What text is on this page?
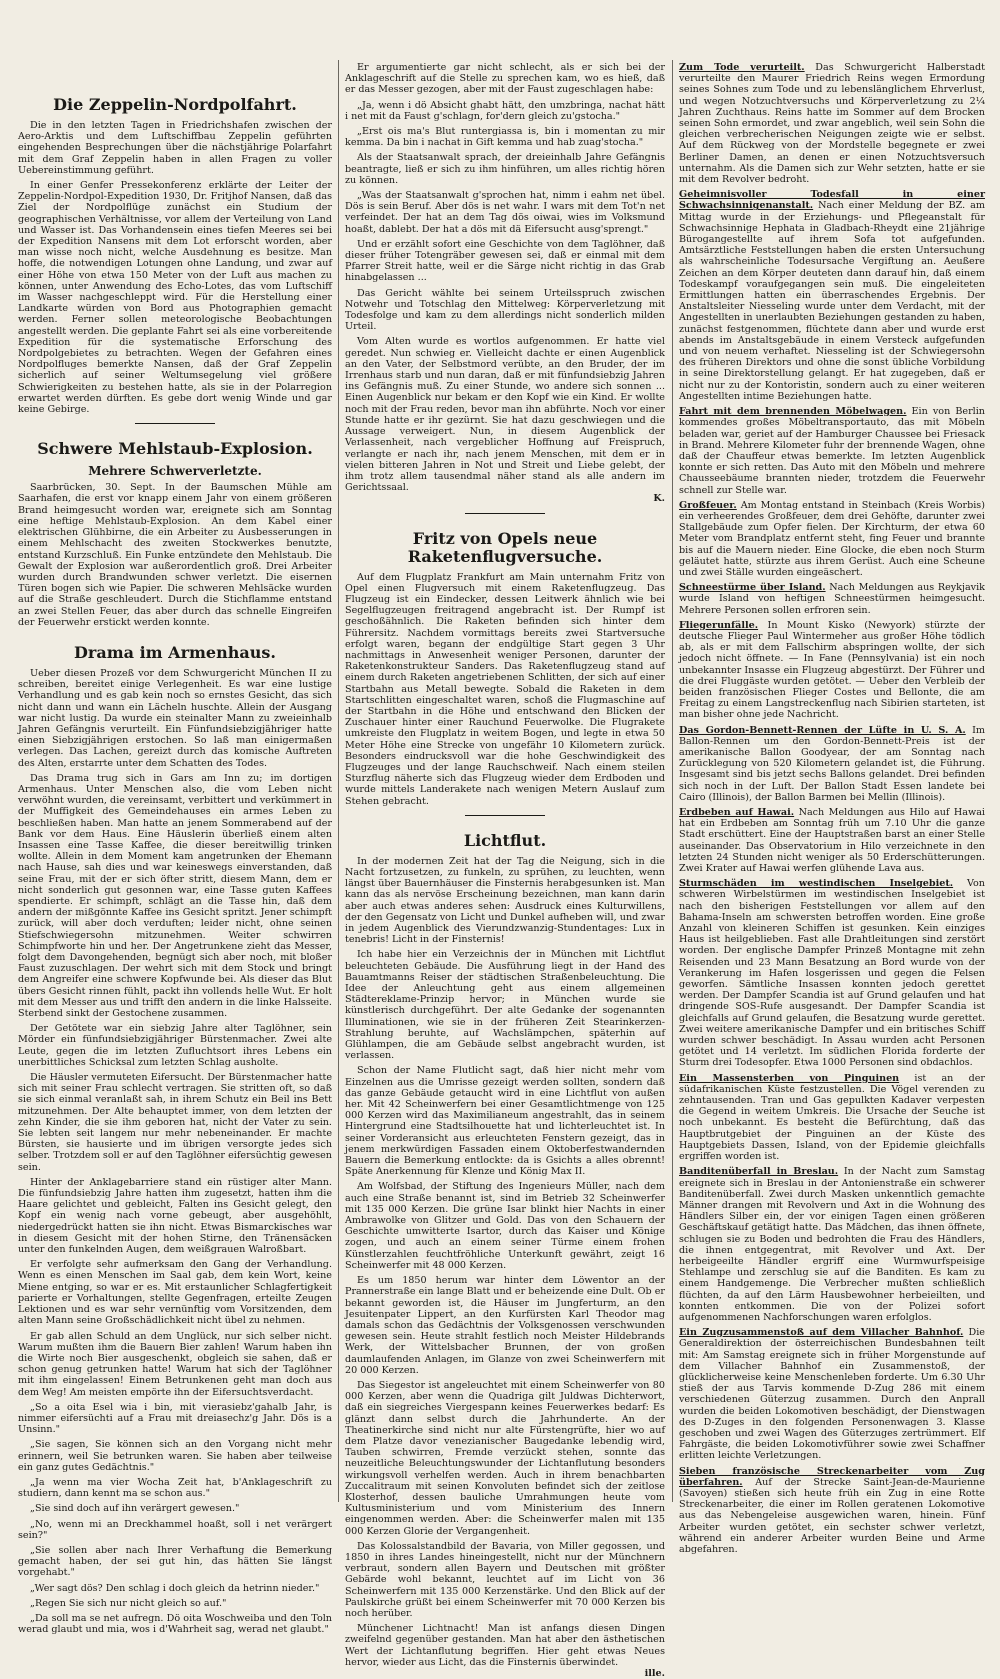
Die Zeppelin-Nordpolfahrt.

Die in den letzten Tagen in Friedrichshafen zwischen der Aero-Arktis und dem Luftschiffbau Zeppelin geführten eingehenden Besprechungen über die nächstjährige Polarfahrt mit dem Graf Zeppelin haben in allen Fragen zu voller Uebereinstimmung geführt.

In einer Genfer Pressekonferenz erklärte der Leiter der Zeppelin-Nordpol-Expedition 1930, Dr. Fritjhof Nansen, daß das Ziel der Nordpolflüge zunächst ein Studium der geographischen Verhältnisse, vor allem der Verteilung von Land und Wasser ist. Das Vorhandensein eines tiefen Meeres sei bei der Expedition Nansens mit dem Lot erforscht worden, aber man wisse noch nicht, welche Ausdehnung es besitze. Man hoffe, die notwendigen Lotungen ohne Landung, und zwar auf einer Höhe von etwa 150 Meter von der Luft aus machen zu können, unter Anwendung des Echo-Lotes, das vom Luftschiff im Wasser nachgeschleppt wird. Für die Herstellung einer Landkarte würden von Bord aus Photographien gemacht werden. Ferner sollen meteorologische Beobachtungen angestellt werden. Die geplante Fahrt sei als eine vorbereitende Expedition für die systematische Erforschung des Nordpolgebietes zu betrachten. Wegen der Gefahren eines Nordpolfluges bemerkte Nansen, daß der Graf Zeppelin sicherlich auf seiner Weltumsegelung viel größere Schwierigkeiten zu bestehen hatte, als sie in der Polarregion erwartet werden dürften. Es gebe dort wenig Winde und gar keine Gebirge.

Schwere Mehlstaub-Explosion.
Mehrere Schwerverletzte.

Saarbrücken, 30. Sept. In der Baumschen Mühle am Saarhafen, die erst vor knapp einem Jahr von einem größeren Brand heimgesucht worden war, ereignete sich am Sonntag eine heftige Mehlstaub-Explosion. An dem Kabel einer elektrischen Glühbirne, die ein Arbeiter zu Ausbesserungen in einem Mehlschacht des zweiten Stockwerkes benutzte, entstand Kurzschluß. Ein Funke entzündete den Mehlstaub. Die Gewalt der Explosion war außerordentlich groß. Drei Arbeiter wurden durch Brandwunden schwer verletzt. Die eisernen Türen bogen sich wie Papier. Die schweren Mehlsäcke wurden auf die Straße geschleudert. Durch die Stichflamme entstand an zwei Stellen Feuer, das aber durch das schnelle Eingreifen der Feuerwehr erstickt werden konnte.

Drama im Armenhaus.

Ueber diesen Prozeß vor dem Schwurgericht München II zu schreiben, bereitet einige Verlegenheit. Es war eine lustige Verhandlung und es gab kein noch so ernstes Gesicht, das sich nicht dann und wann ein Lächeln huschte. Allein der Ausgang war nicht lustig. Da wurde ein steinalter Mann zu zweieinhalb Jahren Gefängnis verurteilt. Ein Fünfundsiebzigjähriger hatte einen Siebzigjährigen erstochen. So laß man einigermaßen verlegen. Das Lachen, gereizt durch das komische Auftreten des Alten, erstarrte unter dem Schatten des Todes.

Das Drama trug sich in Gars am Inn zu; im dortigen Armenhaus. Unter Menschen also, die vom Leben nicht verwöhnt wurden, die vereinsamt, verbittert und verkümmert in der Muffigkeit des Gemeindehauses ein armes Leben zu beschließen haben. Man hatte an jenem Sommerabend auf der Bank vor dem Haus. Eine Häuslerin überließ einem alten Insassen eine Tasse Kaffee, die dieser bereitwillig trinken wollte. Allein in dem Moment kam angetrunken der Ehemann nach Hause, sah dies und war keineswegs einverstanden, daß seine Frau, mit der er sich öfter stritt, diesem Mann, dem er nicht sonderlich gut gesonnen war, eine Tasse guten Kaffees spendierte. Er schimpft, schlägt an die Tasse hin, daß dem andern der mißgönnte Kaffee ins Gesicht spritzt. Jener schimpft zurück, will aber doch verduften; leider nicht, ohne seinen Stiefschwiegersohn mitzunehmen. Weiter schwirren Schimpfworte hin und her. Der Angetrunkene zieht das Messer, folgt dem Davongehenden, begnügt sich aber noch, mit bloßer Faust zuzuschlagen. Der wehrt sich mit dem Stock und bringt dem Angreifer eine schwere Kopfwunde bei. Als dieser das Blut übers Gesicht rinnen fühlt, packt ihn vollends helle Wut. Er holt mit dem Messer aus und trifft den andern in die linke Halsseite. Sterbend sinkt der Gestochene zusammen.

Der Getötete war ein siebzig Jahre alter Taglöhner, sein Mörder ein fünfundsiebzigjähriger Bürstenmacher. Zwei alte Leute, gegen die im letzten Zufluchtsort ihres Lebens ein unerbittliches Schicksal zum letzten Schlag ausholte.

Die Häusler vermuteten Eifersucht. Der Bürstenmacher hatte sich mit seiner Frau schlecht vertragen. Sie stritten oft, so daß sie sich einmal veranlaßt sah, in ihrem Schutz ein Beil ins Bett mitzunehmen. Der Alte behauptet immer, von dem letzten der zehn Kinder, die sie ihm geboren hat, nicht der Vater zu sein. Sie lebten seit langem nur mehr nebeneinander. Er machte Bürsten, sie hausierte und im übrigen versorgte jedes sich selber. Trotzdem soll er auf den Taglöhner eifersüchtig gewesen sein.

Hinter der Anklagebarriere stand ein rüstiger alter Mann. Die fünfundsiebzig Jahre hatten ihm zugesetzt, hatten ihm die Haare gelichtet und gebleicht, Falten ins Gesicht gelegt, den Kopf ein wenig nach vorne gebeugt, aber ausgehöhlt, niedergedrückt hatten sie ihn nicht. Etwas Bismarckisches war in diesem Gesicht mit der hohen Stirne, den Tränensäcken unter den funkelnden Augen, dem weißgrauen Walroßbart.

Er verfolgte sehr aufmerksam den Gang der Verhandlung. Wenn es einen Menschen im Saal gab, dem kein Wort, keine Miene entging, so war er es. Mit erstaunlicher Schlagfertigkeit parierte er Vorhaltungen, stellte Gegenfragen, erteilte Zeugen Lektionen und es war sehr vernünftig vom Vorsitzenden, dem alten Mann seine Großschädlichkeit nicht übel zu nehmen.

Er gab allen Schuld an dem Unglück, nur sich selber nicht. Warum mußten ihm die Bauern Bier zahlen! Warum haben ihn die Wirte noch Bier ausgeschenkt, obgleich sie sahen, daß er schon genug getrunken hatte! Warum hat sich der Taglöhner mit ihm eingelassen! Einem Betrunkenen geht man doch aus dem Weg! Am meisten empörte ihn der Eifersuchtsverdacht.

„So a oita Esel wia i bin, mit vierasiebz'gahalb Jahr, is nimmer eifersüchti auf a Frau mit dreiasechz'g Jahr. Dös is a Unsinn."

„Sie sagen, Sie können sich an den Vorgang nicht mehr erinnern, weil Sie betrunken waren. Sie haben aber teilweise ein ganz gutes Gedächtnis."

„Ja wenn ma vier Wocha Zeit hat, b'Anklageschrift zu studiern, dann kennt ma se schon aus."

„Sie sind doch auf ihn verärgert gewesen."

„No, wenn mi an Dreckhammel hoaßt, soll i net verärgert sein?"

„Sie sollen aber nach Ihrer Verhaftung die Bemerkung gemacht haben, der sei gut hin, das hätten Sie längst vorgehabt."

„Wer sagt dös? Den schlag i doch gleich da hetrinn nieder."

„Regen Sie sich nur nicht gleich so auf."

„Da soll ma se net aufregn. Dö oita Woschweiba und den Toln werad glaubt und mia, wos i d'Wahrheit sag, werad net glaubt."

Er argumentierte gar nicht schlecht, als er sich bei der Anklageschrift auf die Stelle zu sprechen kam, wo es hieß, daß er das Messer gezogen, aber mit der Faust zugeschlagen habe:

„Ja, wenn i dö Absicht ghabt hätt, den umzbringa, nachat hätt i net mit da Faust g'schlagn, for'dern gleich zu'gstocha."

„Erst ois ma's Blut runtergiassa is, bin i momentan zu mir kemma. Da bin i nachat in Gift kemma und hab zuag'stocha."

Als der Staatsanwalt sprach, der dreieinhalb Jahre Gefängnis beantragte, ließ er sich zu ihm hinführen, um alles richtig hören zu können.

„Was der Staatsanwalt g'sprochen hat, nimm i eahm net übel. Dös is sein Beruf. Aber dös is net wahr. I wars mit dem Tot'n net verfeindet. Der hat an dem Tag dös oiwai, wies im Volksmund hoaßt, dablebt. Der hat a dös mit dä Eifersucht ausg'sprengt."

Und er erzählt sofort eine Geschichte von dem Taglöhner, daß dieser früher Totengräber gewesen sei, daß er einmal mit dem Pfarrer Streit hatte, weil er die Särge nicht richtig in das Grab hinabgelassen ...

Das Gericht wählte bei seinem Urteilsspruch zwischen Notwehr und Totschlag den Mittelweg: Körperverletzung mit Todesfolge und kam zu dem allerdings nicht sonderlich milden Urteil.

Vom Alten wurde es wortlos aufgenommen. Er hatte viel geredet. Nun schwieg er. Vielleicht dachte er einen Augenblick an den Vater, der Selbstmord verübte, an den Bruder, der im Irrenhaus starb und nun daran, daß er mit fünfundsiebzig Jahren ins Gefängnis muß. Zu einer Stunde, wo andere sich sonnen ... Einen Augenblick nur bekam er den Kopf wie ein Kind. Er wollte noch mit der Frau reden, bevor man ihn abführte. Noch vor einer Stunde hatte er ihr gezürnt. Sie hat dazu geschwiegen und die Aussage verweigert. Nun, in diesem Augenblick der Verlassenheit, nach vergeblicher Hoffnung auf Freispruch, verlangte er nach ihr, nach jenem Menschen, mit dem er in vielen bitteren Jahren in Not und Streit und Liebe gelebt, der ihm trotz allem tausendmal näher stand als alle andern im Gerichtssaal.

K.
Fritz von Opels neue Raketenflugversuche.

Auf dem Flugplatz Frankfurt am Main unternahm Fritz von Opel einen Flugversuch mit einem Raketenflugzeug. Das Flugzeug ist ein Eindecker, dessen Leitwerk ähnlich wie bei Segelflugzeugen freitragend angebracht ist. Der Rumpf ist geschoßähnlich. Die Raketen befinden sich hinter dem Führersitz. Nachdem vormittags bereits zwei Startversuche erfolgt waren, begann der endgültige Start gegen 3 Uhr nachmittags in Anwesenheit weniger Personen, darunter der Raketenkonstrukteur Sanders. Das Raketenflugzeug stand auf einem durch Raketen angetriebenen Schlitten, der sich auf einer Startbahn aus Metall bewegte. Sobald die Raketen in dem Startschlitten eingeschaltet waren, schoß die Flugmaschine auf der Startbahn in die Höhe und entschwand den Blicken der Zuschauer hinter einer Rauchund Feuerwolke. Die Flugrakete umkreiste den Flugplatz in weitem Bogen, und legte in etwa 50 Meter Höhe eine Strecke von ungefähr 10 Kilometern zurück. Besonders eindrucksvoll war die hohe Geschwindigkeit des Flugzeuges und der lange Rauchschweif. Nach einem steilen Sturzflug näherte sich das Flugzeug wieder dem Erdboden und wurde mittels Landerakete nach wenigen Metern Auslauf zum Stehen gebracht.

Lichtflut.

In der modernen Zeit hat der Tag die Neigung, sich in die Nacht fortzusetzen, zu funkeln, zu sprühen, zu leuchten, wenn längst über Bauernhäuser die Finsternis herabgesunken ist. Man kann das als nervöse Erscheinung bezeichnen, man kann darin aber auch etwas anderes sehen: Ausdruck eines Kulturwillens, der den Gegensatz von Licht und Dunkel aufheben will, und zwar in jedem Augenblick des Vierundzwanzig-Stundentages: Lux in tenebris! Licht in der Finsternis!

Ich habe hier ein Verzeichnis der in München mit Lichtflut beleuchteten Gebäude. Die Ausführung liegt in der Hand des Bauamtmanns Reiser der städtischen Straßenbeleuchtung. Die Idee der Anleuchtung geht aus einem allgemeinen Städtereklame-Prinzip hervor; in München wurde sie künstlerisch durchgeführt. Der alte Gedanke der sogenannten Illuminationen, wie sie in der früheren Zeit Stearinkerzen-Strahlung beruhte, auf Wachslämpchen, späterhin auf Glühlampen, die am Gebäude selbst angebracht wurden, ist verlassen.

Schon der Name Flutlicht sagt, daß hier nicht mehr vom Einzelnen aus die Umrisse gezeigt werden sollten, sondern daß das ganze Gebäude getaucht wird in eine Lichtflut von außen her. Mit 42 Scheinwerfern bei einer Gesamtlichtmenge von 125 000 Kerzen wird das Maximilianeum angestrahlt, das in seinem Hintergrund eine Stadtsilhouette hat und lichterleuchtet ist. In seiner Vorderansicht aus erleuchteten Fenstern gezeigt, das in jenem merkwürdigen Fassaden einem Oktoberfestwandernden Bauern die Bemerkung entlockte: da is Gsichts a alles obrennt! Späte Anerkennung für Klenze und König Max II.

Am Wolfsbad, der Stiftung des Ingenieurs Müller, nach dem auch eine Straße benannt ist, sind im Betrieb 32 Scheinwerfer mit 135 000 Kerzen. Die grüne Isar blinkt hier Nachts in einer Ambrawolke von Glitzer und Gold. Das von den Schauern der Geschichte umwitterte Isartor, durch das Kaiser und Könige zogen, und auch an einem seiner Türme einem frohen Künstlerzahlen feuchtfröhliche Unterkunft gewährt, zeigt 16 Scheinwerfer mit 48 000 Kerzen.

Es um 1850 herum war hinter dem Löwentor an der Prannerstraße ein lange Blatt und er beheizende eine Dult. Ob er bekannt geworden ist, die Häuser im Jungferturm, an den Jesuitenpater Lippert, an den Kurfürsten Karl Theodor mag damals schon das Gedächtnis der Volksgenossen verschwunden gewesen sein. Heute strahlt festlich noch Meister Hildebrands Werk, der Wittelsbacher Brunnen, der von großen daumlaufenden Anlagen, im Glanze von zwei Scheinwerfern mit 20 000 Kerzen.

Das Siegestor ist angeleuchtet mit einem Scheinwerfer von 80 000 Kerzen, aber wenn die Quadriga gilt Juldwas Dichterwort, daß ein siegreiches Viergespann keines Feuerwerkes bedarf: Es glänzt dann selbst durch die Jahrhunderte. An der Theatinerkirche sind nicht nur alte Fürstengrüfte, hier wo auf dem Platze davor venezianischer Baugedanke lebendig wird, Tauben schwirren, Fremde verzückt stehen, sonnte das neuzeitliche Beleuchtungswunder der Lichtanflutung besonders wirkungsvoll verhelfen werden. Auch in ihrem benachbarten Zuccalitraum mit seinen Konvoluten befindet sich der zeitlose Klosterhof, dessen bauliche Umrahmungen heute vom Kultusministerium und vom Ministerium des Innern eingenommen werden. Aber: die Scheinwerfer malen mit 135 000 Kerzen Glorie der Vergangenheit.

Das Kolossalstandbild der Bavaria, von Miller gegossen, und 1850 in ihres Landes hineingestellt, nicht nur der Münchnern verbraut, sondern allen Bayern und Deutschen mit größter Gebärde wohl bekannt, leuchtet auf im Licht von 36 Scheinwerfern mit 135 000 Kerzenstärke. Und den Blick auf der Paulskirche grüßt bei einem Scheinwerfer mit 70 000 Kerzen bis noch herüber.

Münchener Lichtnacht! Man ist anfangs diesen Dingen zweifelnd gegenüber gestanden. Man hat aber den ästhetischen Wert der Lichtanflutung begriffen. Hier geht etwas Neues hervor, wieder aus Licht, das die Finsternis überwindet.

ille.

Zum Tode verurteilt. Das Schwurgericht Halberstadt verurteilte den Maurer Friedrich Reins wegen Ermordung seines Sohnes zum Tode und zu lebenslänglichem Ehrverlust, und wegen Notzuchtversuchs und Körperverletzung zu 2¼ Jahren Zuchthaus. Reins hatte im Sommer auf dem Brocken seinen Sohn ermordet, und zwar angeblich, weil sein Sohn die gleichen verbrecherischen Neigungen zeigte wie er selbst. Auf dem Rückweg von der Mordstelle begegnete er zwei Berliner Damen, an denen er einen Notzuchtsversuch unternahm. Als die Damen sich zur Wehr setzten, hatte er sie mit dem Revolver bedroht.

Geheimnisvoller Todesfall in einer Schwachsinnigenanstalt. Nach einer Meldung der BZ. am Mittag wurde in der Erziehungs- und Pflegeanstalt für Schwachsinnige Hephata in Gladbach-Rheydt eine 21jährige Bürogangestellte auf ihrem Sofa tot aufgefunden. Amtsärztliche Feststellungen haben die ersten Untersuchung als wahrscheinliche Todesursache Vergiftung an. Aeußere Zeichen an dem Körper deuteten dann darauf hin, daß einem Todeskampf voraufgegangen sein muß. Die eingeleiteten Ermittlungen hatten ein überraschendes Ergebnis. Der Anstaltsleiter Niesseling wurde unter dem Verdacht, mit der Angestellten in unerlaubten Beziehungen gestanden zu haben, zunächst festgenommen, flüchtete dann aber und wurde erst abends im Anstaltsgebäude in einem Versteck aufgefunden und von neuem verhaftet. Niesseling ist der Schwiegersohn des früheren Direktors und ohne die sonst übliche Vorbildung in seine Direktorstellung gelangt. Er hat zugegeben, daß er nicht nur zu der Kontoristin, sondern auch zu einer weiteren Angestellten intime Beziehungen hatte.

Fahrt mit dem brennenden Möbelwagen. Ein von Berlin kommendes großes Möbeltransportauto, das mit Möbeln beladen war, geriet auf der Hamburger Chaussee bei Friesack in Brand. Mehrere Kilometer fuhr der brennende Wagen, ohne daß der Chauffeur etwas bemerkte. Im letzten Augenblick konnte er sich retten. Das Auto mit den Möbeln und mehrere Chausseebäume brannten nieder, trotzdem die Feuerwehr schnell zur Stelle war.

Großfeuer. Am Montag entstand in Steinbach (Kreis Worbis) ein verheerendes Großfeuer, dem drei Gehöfte, darunter zwei Stallgebäude zum Opfer fielen. Der Kirchturm, der etwa 60 Meter vom Brandplatz entfernt steht, fing Feuer und brannte bis auf die Mauern nieder. Eine Glocke, die eben noch Sturm geläutet hatte, stürzte aus ihrem Gerüst. Auch eine Scheune und zwei Ställe wurden eingeäschert.

Schneestürme über Island. Nach Meldungen aus Reykjavik wurde Island von heftigen Schneestürmen heimgesucht. Mehrere Personen sollen erfroren sein.

Fliegerunfälle. In Mount Kisko (Newyork) stürzte der deutsche Flieger Paul Wintermeher aus großer Höhe tödlich ab, als er mit dem Fallschirm abspringen wollte, der sich jedoch nicht öffnete. — In Fane (Pennsylvania) ist ein noch unbekannter Insasse ein Flugzeug abgestürzt. Der Führer und die drei Fluggäste wurden getötet. — Ueber den Verbleib der beiden französischen Flieger Costes und Bellonte, die am Freitag zu einem Langstreckenflug nach Sibirien starteten, ist man bisher ohne jede Nachricht.

Das Gordon-Bennett-Rennen der Lüfte in U. S. A. Im Ballon-Rennen um den Gordon-Bennett-Preis ist der amerikanische Ballon Goodyear, der am Sonntag nach Zurücklegung von 520 Kilometern gelandet ist, die Führung. Insgesamt sind bis jetzt sechs Ballons gelandet. Drei befinden sich noch in der Luft. Der Ballon Stadt Essen landete bei Cairo (Illinois), der Ballon Barmen bei Mellin (Illinois).

Erdbeben auf Hawai. Nach Meldungen aus Hilo auf Hawai hat ein Erdbeben am Sonntag früh um 7.10 Uhr die ganze Stadt erschüttert. Eine der Hauptstraßen barst an einer Stelle auseinander. Das Observatorium in Hilo verzeichnete in den letzten 24 Stunden nicht weniger als 50 Erderschütterungen. Zwei Krater auf Hawai werfen glühende Lava aus.

Sturmschäden im westindischen Inselgebiet. Von schweren Wirbelstürmen im westindischen Inselgebiet ist nach den bisherigen Feststellungen vor allem auf den Bahama-Inseln am schwersten betroffen worden. Eine große Anzahl von kleineren Schiffen ist gesunken. Kein einziges Haus ist heilgeblieben. Fast alle Drahtleitungen sind zerstört worden. Der englische Dampfer Prinzeß Montagne mit zehn Reisenden und 23 Mann Besatzung an Bord wurde von der Verankerung im Hafen losgerissen und gegen die Felsen geworfen. Sämtliche Insassen konnten jedoch gerettet werden. Der Dampfer Scandia ist auf Grund gelaufen und hat dringende SOS-Rufe ausgesandt. Der Dampfer Scandia ist gleichfalls auf Grund gelaufen, die Besatzung wurde gerettet. Zwei weitere amerikanische Dampfer und ein britisches Schiff wurden schwer beschädigt. In Assau wurden acht Personen getötet und 14 verletzt. Im südlichen Florida forderte der Sturm drei Todesopfer. Etwa 1000 Personen sind obdachlos.

Ein Massensterben von Pinguinen ist an der südafrikanischen Küste festzustellen. Die Vögel verenden zu zehntausenden. Tran und Gas gepulkten Kadaver verpesten die Gegend in weitem Umkreis. Die Ursache der Seuche ist noch unbekannt. Es besteht die Befürchtung, daß das Hauptbrutgebiet der Pinguinen an der Küste des Hauptgebiets Dassen, Island, von der Epidemie gleichfalls ergriffen worden ist.

Banditenüberfall in Breslau. In der Nacht zum Samstag ereignete sich in Breslau in der Antonienstraße ein schwerer Banditenüberfall. Zwei durch Masken unkenntlich gemachte Männer drangen mit Revolvern und Axt in die Wohnung des Händlers Silber ein, der vor einigen Tagen einen größeren Geschäftskauf getätigt hatte. Das Mädchen, das ihnen öffnete, schlugen sie zu Boden und bedrohten die Frau des Händlers, die ihnen entgegentrat, mit Revolver und Axt. Der herbeigeeilte Händler ergriff eine Wurmwurfspeisige Stehlampe und zerschlug sie auf die Banditen. Es kam zu einem Handgemenge. Die Verbrecher mußten schließlich flüchten, da auf den Lärm Hausbewohner herbeieilten, und konnten entkommen. Die von der Polizei sofort aufgenommenen Nachforschungen waren erfolglos.

Ein Zugzusammenstoß auf dem Villacher Bahnhof. Die Generaldirektion der österreichischen Bundesbahnen teilt mit: Am Samstag ereignete sich in früher Morgenstunde auf dem Villacher Bahnhof ein Zusammenstoß, der glücklicherweise keine Menschenleben forderte. Um 6.30 Uhr stieß der aus Tarvis kommende D-Zug 286 mit einem verschiedenen Güterzug zusammen. Durch den Anprall wurden die beiden Lokomotiven beschädigt, der Dienstwagen des D-Zuges in den folgenden Personenwagen 3. Klasse geschoben und zwei Wagen des Güterzuges zertrümmert. Elf Fahrgäste, die beiden Lokomotivführer sowie zwei Schaffner erlitten leichte Verletzungen.

Sieben französische Streckenarbeiter vom Zug überfahren. Auf der Strecke Saint-Jean-de-Maurienne (Savoyen) stießen sich heute früh ein Zug in eine Rotte Streckenarbeiter, die einer im Rollen geratenen Lokomotive aus das Nebengeleise ausgewichen waren, hinein. Fünf Arbeiter wurden getötet, ein sechster schwer verletzt, während ein anderer Arbeiter wurden Beine und Arme abgefahren.
